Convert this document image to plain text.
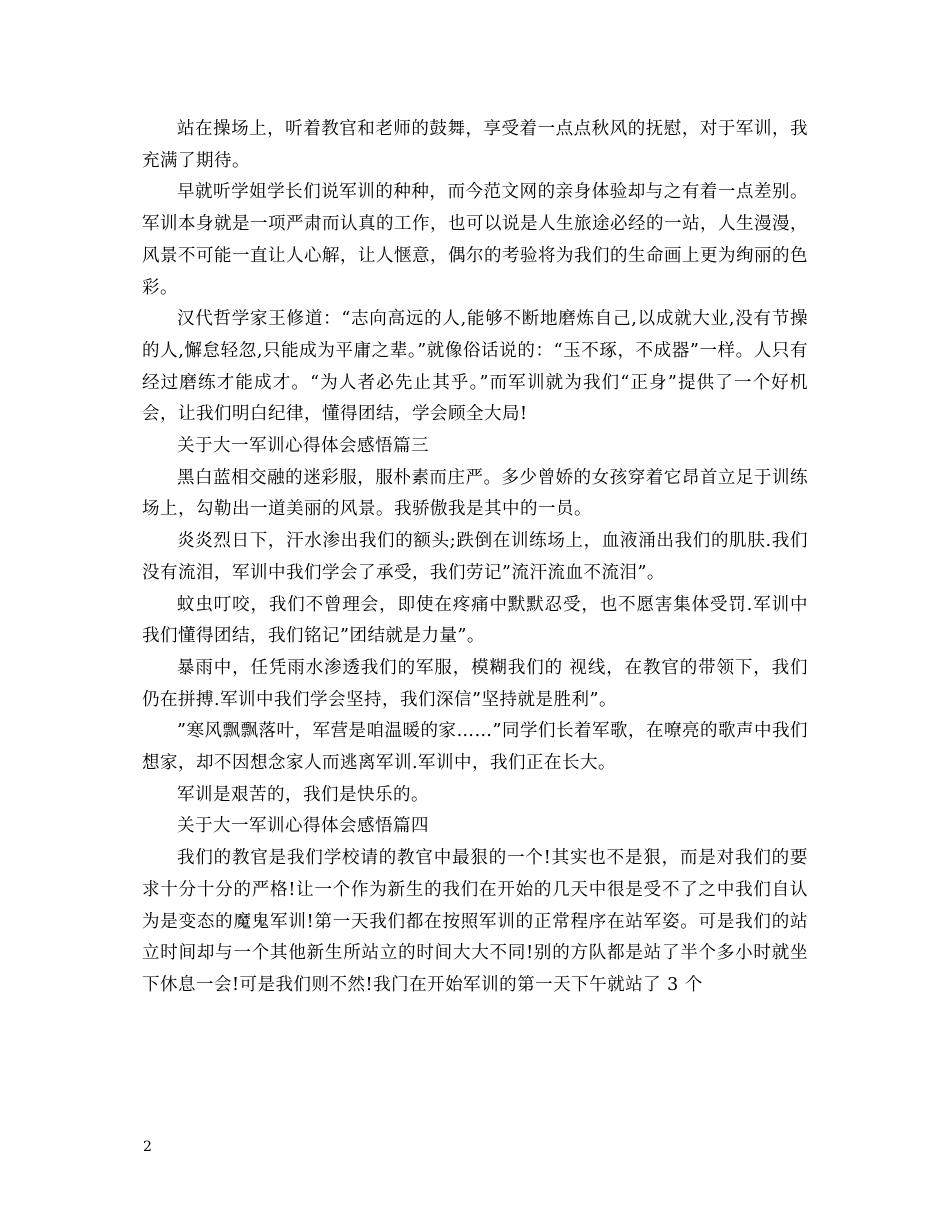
站在操场上，听着教官和老师的鼓舞，享受着一点点秋风的抚慰，对于军训，我充满了期待。

早就听学姐学长们说军训的种种，而今范文网的亲身体验却与之有着一点差别。军训本身就是一项严肃而认真的工作，也可以说是人生旅途必经的一站，人生漫漫，风景不可能一直让人心解，让人惬意，偶尔的考验将为我们的生命画上更为绚丽的色彩。

汉代哲学家王修道：“志向高远的人,能够不断地磨炼自己,以成就大业,没有节操的人,懈怠轻忽,只能成为平庸之辈。”就像俗话说的：“玉不琢，不成器”一样。人只有经过磨练才能成才。“为人者必先止其乎。”而军训就为我们“正身”提供了一个好机会，让我们明白纪律，懂得团结，学会顾全大局!

关于大一军训心得体会感悟篇三

黑白蓝相交融的迷彩服，服朴素而庄严。多少曾娇的女孩穿着它昂首立足于训练场上，勾勒出一道美丽的风景。我骄傲我是其中的一员。

炎炎烈日下，汗水渗出我们的额头;跌倒在训练场上，血液涌出我们的肌肤.我们没有流泪，军训中我们学会了承受，我们劳记”流汗流血不流泪”。

蚊虫叮咬，我们不曾理会，即使在疼痛中默默忍受，也不愿害集体受罚.军训中我们懂得团结，我们铭记”团结就是力量”。

暴雨中，任凭雨水渗透我们的军服，模糊我们的 视线，在教官的带领下，我们仍在拼搏.军训中我们学会坚持，我们深信”坚持就是胜利”。

”寒风飘飘落叶，军营是咱温暖的家……”同学们长着军歌，在嘹亮的歌声中我们想家，却不因想念家人而逃离军训.军训中，我们正在长大。

军训是艰苦的，我们是快乐的。

关于大一军训心得体会感悟篇四

我们的教官是我们学校请的教官中最狠的一个!其实也不是狠，而是对我们的要求十分十分的严格!让一个作为新生的我们在开始的几天中很是受不了之中我们自认为是变态的魔鬼军训!第一天我们都在按照军训的正常程序在站军姿。可是我们的站立时间却与一个其他新生所站立的时间大大不同!别的方队都是站了半个多小时就坐下休息一会!可是我们则不然!我门在开始军训的第一天下午就站了 3 个

2
